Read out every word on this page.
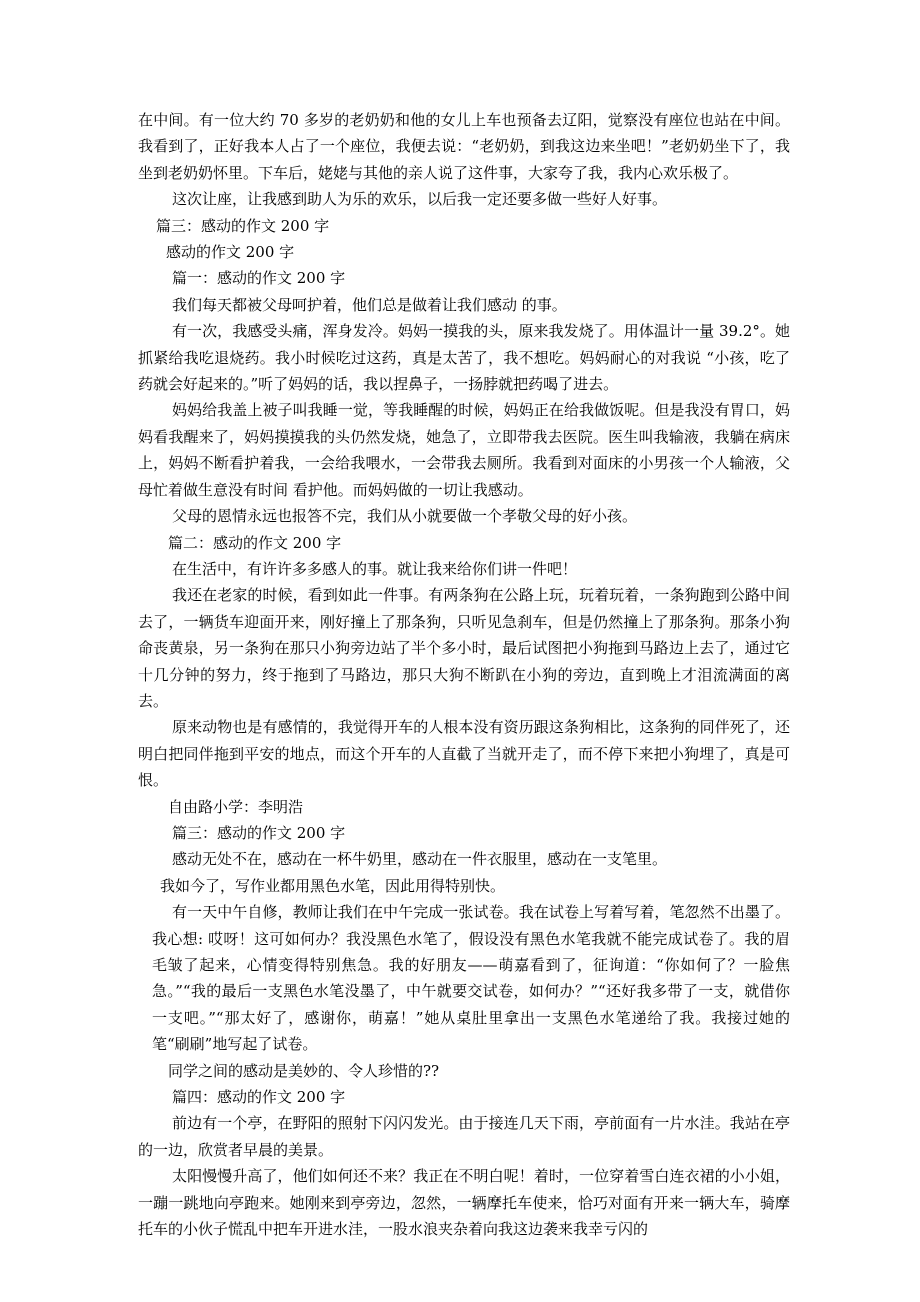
在中间。有一位大约 70 多岁的老奶奶和他的女儿上车也预备去辽阳，觉察没有座位也站在中间。我看到了，正好我本人占了一个座位，我便去说：“老奶奶，到我这边来坐吧！”老奶奶坐下了，我坐到老奶奶怀里。下车后，姥姥与其他的亲人说了这件事，大家夸了我，我内心欢乐极了。

这次让座，让我感到助人为乐的欢乐，以后我一定还要多做一些好人好事。

篇三：感动的作文 200 字

感动的作文 200 字

篇一：感动的作文 200 字

我们每天都被父母呵护着，他们总是做着让我们感动 的事。

有一次，我感受头痛，浑身发冷。妈妈一摸我的头，原来我发烧了。用体温计一量 39.2°。她抓紧给我吃退烧药。我小时候吃过这药，真是太苦了，我不想吃。妈妈耐心的对我说 “小孩，吃了药就会好起来的。”听了妈妈的话，我以捏鼻子，一扬脖就把药喝了进去。

妈妈给我盖上被子叫我睡一觉，等我睡醒的时候，妈妈正在给我做饭呢。但是我没有胃口，妈妈看我醒来了，妈妈摸摸我的头仍然发烧，她急了，立即带我去医院。医生叫我输液，我躺在病床上，妈妈不断看护着我，一会给我喂水，一会带我去厕所。我看到对面床的小男孩一个人输液，父母忙着做生意没有时间 看护他。而妈妈做的一切让我感动。

父母的恩情永远也报答不完，我们从小就要做一个孝敬父母的好小孩。

篇二：感动的作文 200 字

在生活中，有许许多多感人的事。就让我来给你们讲一件吧！

我还在老家的时候，看到如此一件事。有两条狗在公路上玩，玩着玩着，一条狗跑到公路中间去了，一辆货车迎面开来，刚好撞上了那条狗，只听见急刹车，但是仍然撞上了那条狗。那条小狗命丧黄泉，另一条狗在那只小狗旁边站了半个多小时，最后试图把小狗拖到马路边上去了，通过它十几分钟的努力，终于拖到了马路边，那只大狗不断趴在小狗的旁边，直到晚上才泪流满面的离去。

原来动物也是有感情的，我觉得开车的人根本没有资历跟这条狗相比，这条狗的同伴死了，还明白把同伴拖到平安的地点，而这个开车的人直截了当就开走了，而不停下来把小狗埋了，真是可恨。

自由路小学：李明浩

篇三：感动的作文 200 字

感动无处不在，感动在一杯牛奶里，感动在一件衣服里，感动在一支笔里。

我如今了，写作业都用黑色水笔，因此用得特别快。

有一天中午自修，教师让我们在中午完成一张试卷。我在试卷上写着写着，笔忽然不出墨了。我心想: 哎呀！这可如何办？我没黑色水笔了，假设没有黑色水笔我就不能完成试卷了。我的眉毛皱了起来，心情变得特别焦急。我的好朋友——萌嘉看到了，征询道：“你如何了？一脸焦急。”“我的最后一支黑色水笔没墨了，中午就要交试卷，如何办？”“还好我多带了一支，就借你一支吧。”“那太好了，感谢你，萌嘉！”她从桌肚里拿出一支黑色水笔递给了我。我接过她的笔“刷刷”地写起了试卷。

同学之间的感动是美妙的、令人珍惜的??

篇四：感动的作文 200 字

前边有一个亭，在野阳的照射下闪闪发光。由于接连几天下雨，亭前面有一片水洼。我站在亭的一边，欣赏者早晨的美景。

太阳慢慢升高了，他们如何还不来？我正在不明白呢！着时，一位穿着雪白连衣裙的小小姐，一蹦一跳地向亭跑来。她刚来到亭旁边，忽然，一辆摩托车使来，恰巧对面有开来一辆大车，骑摩托车的小伙子慌乱中把车开进水洼，一股水浪夹杂着向我这边袭来我幸亏闪的
